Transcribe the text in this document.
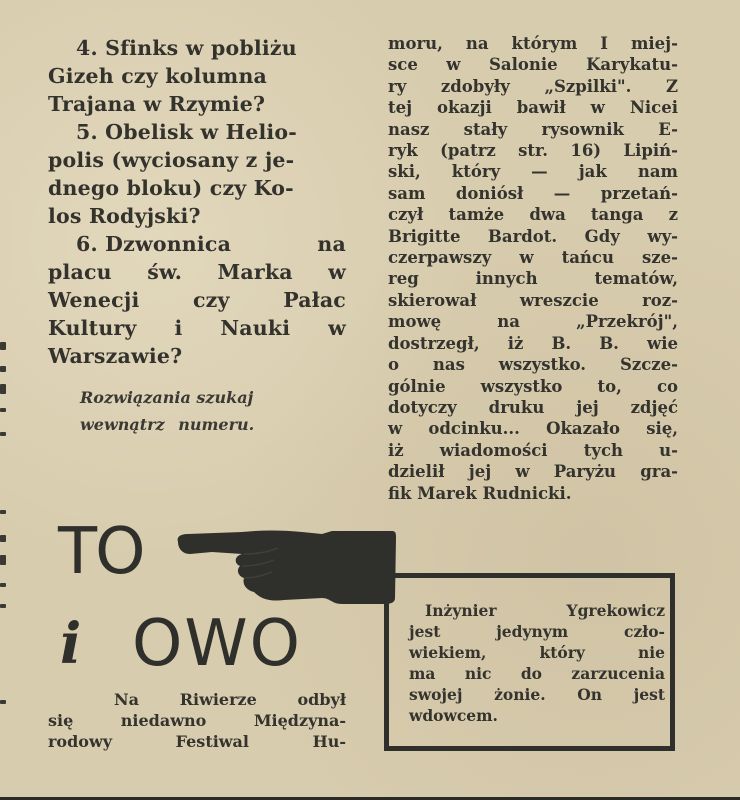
4. Sfinks w pobliżu

Gizeh czy kolumna

Trajana w Rzymie?

5. Obelisk w Helio-

polis (wyciosany z je-

dnego bloku) czy Ko-

los Rodyjski?

6. Dzwonnica	na

placu św. Marka w

Wenecji czy Pałac

Kultury i Nauki w

Warszawie?

Rozwiązania szukaj
wewnątrz numeru.
TO
i OWO
Na Riwierze odbył
się niedawno Międzyna-
rodowy Festiwal Hu-
moru, na którym I miej-
sce w Salonie Karykatu-
ry zdobyły „Szpilki". Z
tej okazji bawił w Nicei
nasz stały rysownik E-
ryk (patrz str. 16) Lipiń-
ski, który — jak nam
sam doniósł — przetań-
czył tamże dwa tanga z
Brigitte Bardot. Gdy wy-
czerpawszy w tańcu sze-
reg innych tematów,
skierował wreszcie roz-
mowę na „Przekrój",
dostrzegł, iż B. B. wie
o nas wszystko. Szcze-
gólnie wszystko to, co
dotyczy druku jej zdjęć
w odcinku... Okazało się,
iż wiadomości tych u-
dzielił jej w Paryżu gra-
fik Marek Rudnicki.
Inżynier Ygrekowicz
jest jedynym czło-
wiekiem, który nie
ma nic do zarzucenia
swojej żonie. On jest
wdowcem.
